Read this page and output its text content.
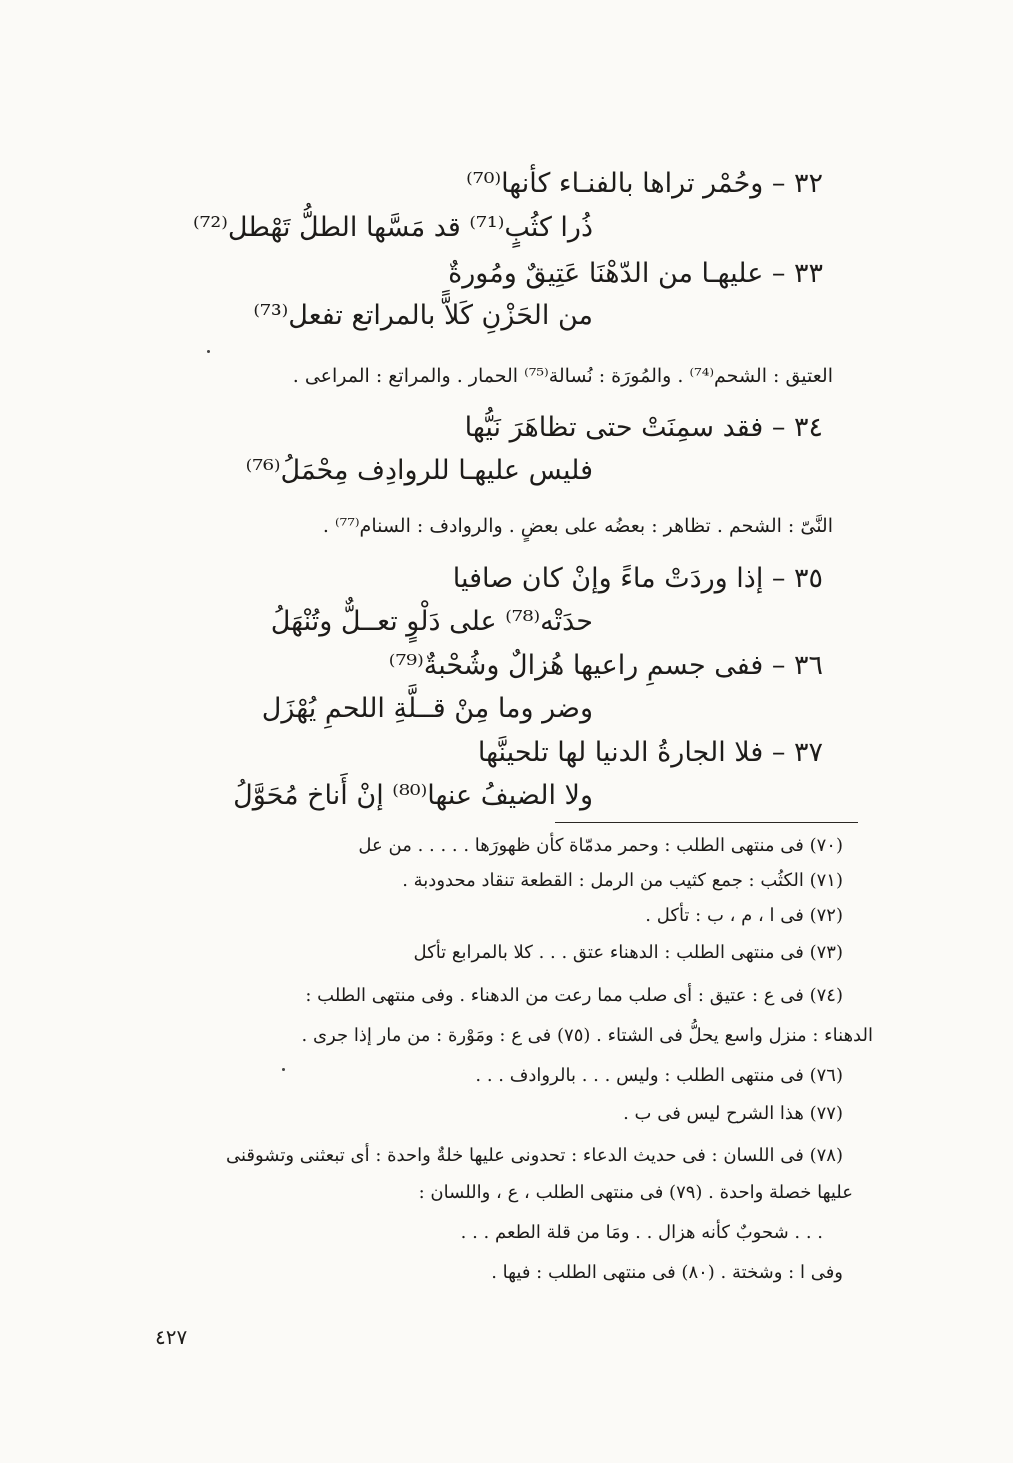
٣٢ – وحُمْر تراها بالفنـاء كأنها⁽⁷⁰⁾
ذُرا كثُبٍ⁽⁷¹⁾ قد مَسَّها الطلُّ تَهْطل⁽⁷²⁾
٣٣ – عليهـا من الدّهْنَا عَتِيقٌ ومُورةٌ
من الحَزْنِ كَلاًّ بالمراتع تفعل⁽⁷³⁾
العتيق : الشحم⁽⁷⁴⁾ . والمُورَة : نُسالة⁽⁷⁵⁾ الحمار . والمراتع : المراعى .
٣٤ – فقد سمِنَتْ حتى تظاهَرَ نَيُّها
فليس عليهـا للروادِف مِحْمَلُ⁽⁷⁶⁾
النَّىّ : الشحم . تظاهر : بعضُه على بعضٍ . والروادف : السنام⁽⁷⁷⁾ .
٣٥ – إذا وردَتْ ماءً وإنْ كان صافيا
حدَتْه⁽⁷⁸⁾ على دَلْوٍ تعــلٌّ وتُنْهَلُ
٣٦ – ففى جسمِ راعيها هُزالٌ وشُحْبةٌ⁽⁷⁹⁾
وضر وما مِنْ قــلَّةِ اللحمِ يُهْزَل
٣٧ – فلا الجارةُ الدنيا لها تلحينَّها
ولا الضيفُ عنها⁽⁸⁰⁾ إنْ أَناخ مُحَوَّلُ
(٧٠) فى منتهى الطلب : وحمر مدمّاة كأن ظهورَها . . . . . من عل
(٧١) الكثُب : جمع كثيب من الرمل : القطعة تنقاد محدودبة .
(٧٢) فى ا ، م ، ب : تأكل .
(٧٣) فى منتهى الطلب : الدهناء عتق . . . كلا بالمرابع تأكل
(٧٤) فى ع : عتيق : أى صلب مما رعت من الدهناء . وفى منتهى الطلب :
الدهناء : منزل واسع يحلُّ فى الشتاء . (٧٥) فى ع : ومَوْرة : من مار إذا جرى .
(٧٦) فى منتهى الطلب : وليس . . . بالروادف . . .
(٧٧) هذا الشرح ليس فى ب .
(٧٨) فى اللسان : فى حديث الدعاء : تحدونى عليها خلةٌ واحدة : أى تبعثنى وتشوقنى
عليها خصلة واحدة . (٧٩) فى منتهى الطلب ، ع ، واللسان :
. . . شحوبٌ كأنه هزال . . ومَا من قلة الطعم . . .
وفى ا : وشختة . (٨٠) فى منتهى الطلب : فيها .
٤٢٧
